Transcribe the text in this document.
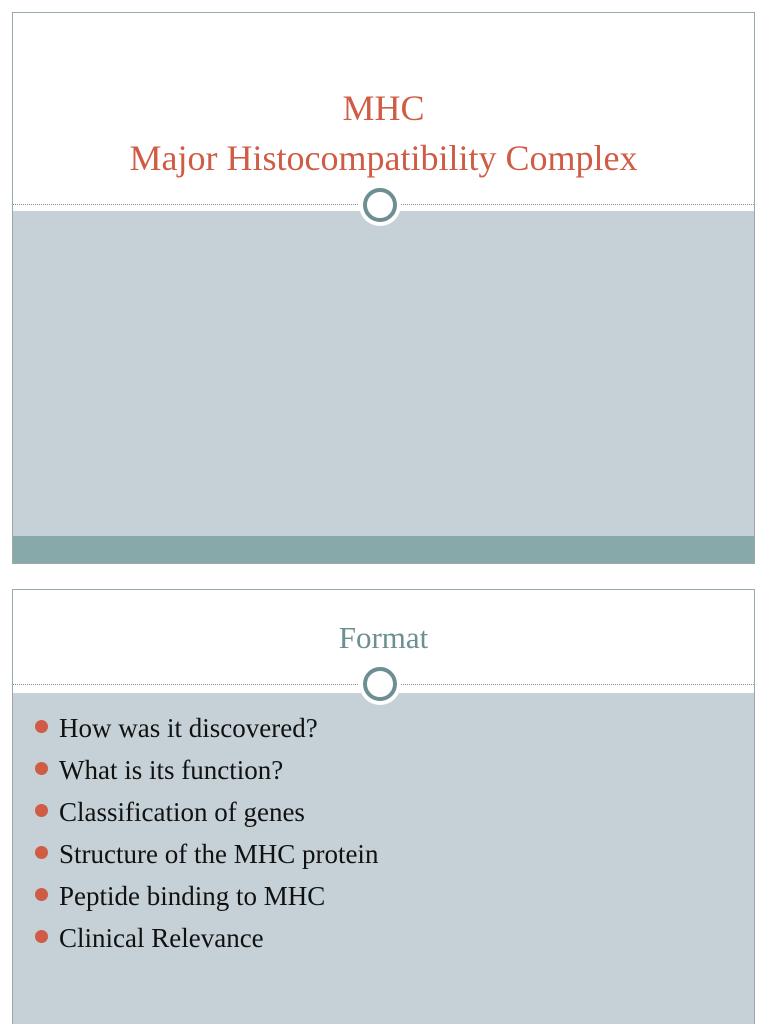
MHC
Major Histocompatibility Complex
Format
How was it discovered?
What is its function?
Classification of genes
Structure of the MHC protein
Peptide binding to MHC
Clinical Relevance
